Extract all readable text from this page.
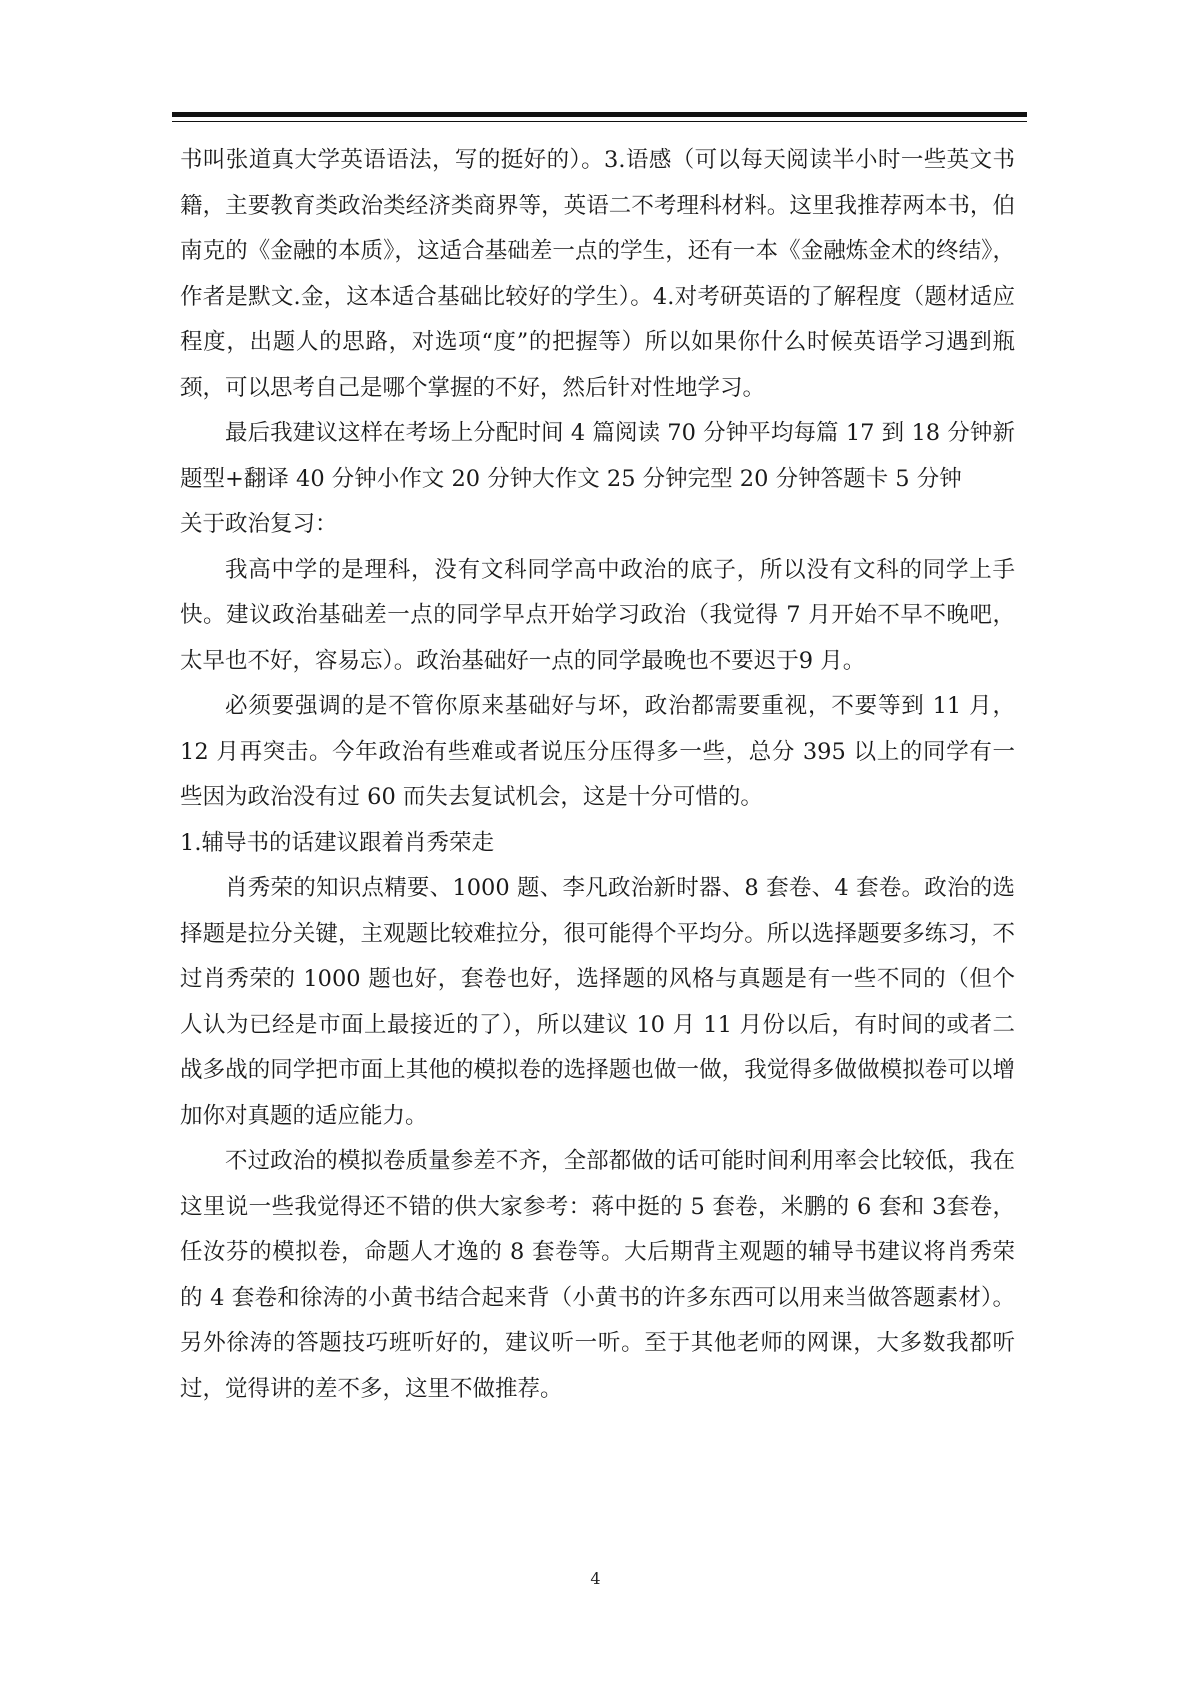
书叫张道真大学英语语法，写的挺好的）。3.语感（可以每天阅读半小时一些英文书籍，主要教育类政治类经济类商界等，英语二不考理科材料。这里我推荐两本书，伯南克的《金融的本质》，这适合基础差一点的学生，还有一本《金融炼金术的终结》，作者是默文.金，这本适合基础比较好的学生）。4.对考研英语的了解程度（题材适应程度，出题人的思路，对选项“度”的把握等）所以如果你什么时候英语学习遇到瓶颈，可以思考自己是哪个掌握的不好，然后针对性地学习。

最后我建议这样在考场上分配时间 4 篇阅读 70 分钟平均每篇 17 到 18 分钟新题型+翻译 40 分钟小作文 20 分钟大作文 25 分钟完型 20 分钟答题卡 5 分钟

关于政治复习：

我高中学的是理科，没有文科同学高中政治的底子，所以没有文科的同学上手快。建议政治基础差一点的同学早点开始学习政治（我觉得 7 月开始不早不晚吧，太早也不好，容易忘）。政治基础好一点的同学最晚也不要迟于9 月。

必须要强调的是不管你原来基础好与坏，政治都需要重视，不要等到 11 月，12 月再突击。今年政治有些难或者说压分压得多一些，总分 395 以上的同学有一些因为政治没有过 60 而失去复试机会，这是十分可惜的。

1.辅导书的话建议跟着肖秀荣走

肖秀荣的知识点精要、1000 题、李凡政治新时器、8 套卷、4 套卷。政治的选择题是拉分关键，主观题比较难拉分，很可能得个平均分。所以选择题要多练习，不过肖秀荣的 1000 题也好，套卷也好，选择题的风格与真题是有一些不同的（但个人认为已经是市面上最接近的了），所以建议 10 月 11 月份以后，有时间的或者二战多战的同学把市面上其他的模拟卷的选择题也做一做，我觉得多做做模拟卷可以增加你对真题的适应能力。

不过政治的模拟卷质量参差不齐，全部都做的话可能时间利用率会比较低，我在这里说一些我觉得还不错的供大家参考：蒋中挺的 5 套卷，米鹏的 6 套和 3套卷，任汝芬的模拟卷，命题人才逸的 8 套卷等。大后期背主观题的辅导书建议将肖秀荣的 4 套卷和徐涛的小黄书结合起来背（小黄书的许多东西可以用来当做答题素材）。另外徐涛的答题技巧班听好的，建议听一听。至于其他老师的网课，大多数我都听过，觉得讲的差不多，这里不做推荐。

4
